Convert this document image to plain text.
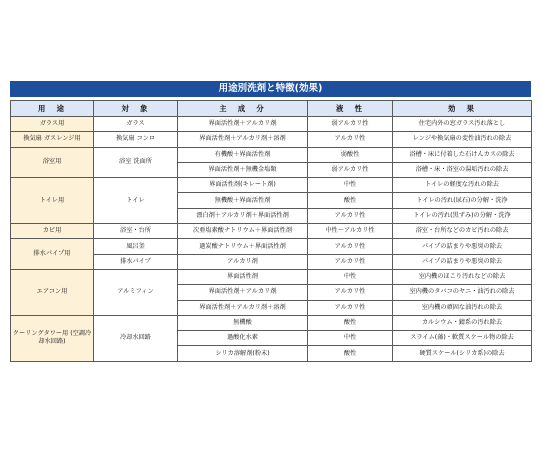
用途別洗剤と特徴(効果)
用　途	対　象	主　成　分	液　性	効　果
ガラス用	ガラス	界面活性剤＋アルカリ剤	弱アルカリ性	住宅内外の窓ガラス汚れ落とし
換気扇 ガスレンジ用	換気扇 コンロ	界面活性剤＋アルカリ剤＋溶剤	アルカリ性	レンジや換気扇の変性油汚れの除去
浴室用	浴室 洗面所	有機酸＋界面活性剤	弱酸性	浴槽・床に付着した石けんカスの除去
		界面活性剤＋無機金塩類	弱アルカリ性	浴槽・床・浴室の湯垢汚れの除去
トイレ用	トイレ	界面活性剤(キレート剤)	中性	トイレの軽度な汚れの除去
		無機酸＋界面活性剤	酸性	トイレの汚れ(尿石)の分解・洗浄
		漂白剤＋アルカリ剤＋界面活性剤	アルカリ性	トイレの汚れ(黒ずみ)の分解・洗浄
カビ用	浴室・台所	次亜塩素酸ナトリウム＋界面活性剤	中性〜アルカリ性	浴室・台所などのカビ汚れの除去
排水パイプ用	風呂釜	過炭酸ナトリウム＋界面活性剤	アルカリ性	パイプの詰まりや悪臭の除去
	排水パイプ	アルカリ剤	アルカリ性	パイプの詰まりや悪臭の除去
エアコン用	アルミフィン	界面活性剤	中性	室内機のほこり汚れなどの除去
		界面活性剤＋アルカリ剤	アルカリ性	室内機のタバコのヤニ・油汚れの除去
		界面活性剤＋アルカリ剤＋溶剤	アルカリ性	室内機の頑固な油汚れの除去
クーリングタワー用 (空調冷却水回路)	冷却水回路	無機酸	酸性	カルシウム・錆系の汚れ除去
		過酸化水素	中性	スライム(藻)・軟質スケール物の除去
		シリカ溶解剤(粉末)	酸性	硬質スケール(シリカ系)の除去
